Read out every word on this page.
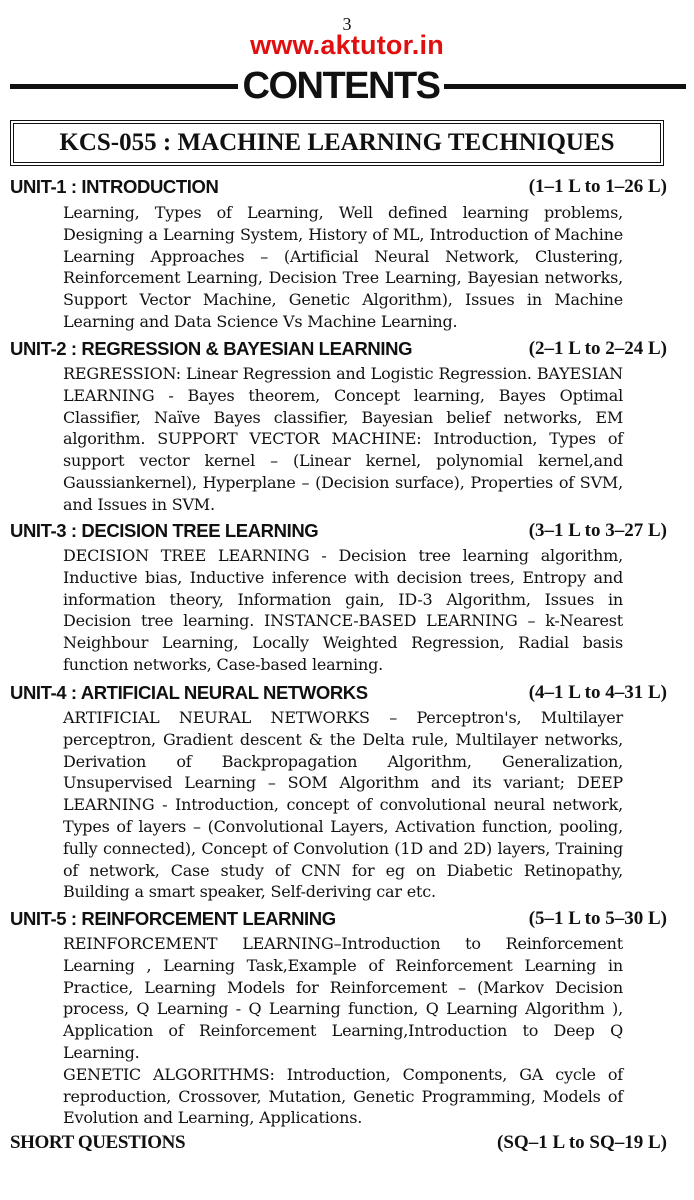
3
www.aktutor.in
CONTENTS
KCS-055 : MACHINE LEARNING TECHNIQUES
UNIT-1 : INTRODUCTION	(1–1 L to 1–26 L)

Learning, Types of Learning, Well defined learning problems, Designing a Learning System, History of ML, Introduction of Machine Learning Approaches – (Artificial Neural Network, Clustering, Reinforcement Learning, Decision Tree Learning, Bayesian networks, Support Vector Machine, Genetic Algorithm), Issues in Machine Learning and Data Science Vs Machine Learning.

UNIT-2 : REGRESSION & BAYESIAN LEARNING	(2–1 L to 2–24 L)

REGRESSION: Linear Regression and Logistic Regression. BAYESIAN LEARNING - Bayes theorem, Concept learning, Bayes Optimal Classifier, Naïve Bayes classifier, Bayesian belief networks, EM algorithm. SUPPORT VECTOR MACHINE: Introduction, Types of support vector kernel – (Linear kernel, polynomial kernel,and Gaussiankernel), Hyperplane – (Decision surface), Properties of SVM, and Issues in SVM.

UNIT-3 : DECISION TREE LEARNING	(3–1 L to 3–27 L)

DECISION TREE LEARNING - Decision tree learning algorithm, Inductive bias, Inductive inference with decision trees, Entropy and information theory, Information gain, ID-3 Algorithm, Issues in Decision tree learning. INSTANCE-BASED LEARNING – k-Nearest Neighbour Learning, Locally Weighted Regression, Radial basis function networks, Case-based learning.

UNIT-4 : ARTIFICIAL NEURAL NETWORKS	(4–1 L to 4–31 L)

ARTIFICIAL NEURAL NETWORKS – Perceptron's, Multilayer perceptron, Gradient descent & the Delta rule, Multilayer networks, Derivation of Backpropagation Algorithm, Generalization, Unsupervised Learning – SOM Algorithm and its variant; DEEP LEARNING - Introduction, concept of convolutional neural network, Types of layers – (Convolutional Layers, Activation function, pooling, fully connected), Concept of Convolution (1D and 2D) layers, Training of network, Case study of CNN for eg on Diabetic Retinopathy, Building a smart speaker, Self-deriving car etc.

UNIT-5 : REINFORCEMENT LEARNING	(5–1 L to 5–30 L)

REINFORCEMENT LEARNING–Introduction to Reinforcement Learning , Learning Task,Example of Reinforcement Learning in Practice, Learning Models for Reinforcement – (Markov Decision process, Q Learning - Q Learning function, Q Learning Algorithm ), Application of Reinforcement Learning,Introduction to Deep Q Learning.

GENETIC ALGORITHMS: Introduction, Components, GA cycle of reproduction, Crossover, Mutation, Genetic Programming, Models of Evolution and Learning, Applications.

SHORT QUESTIONS	(SQ–1 L to SQ–19 L)
